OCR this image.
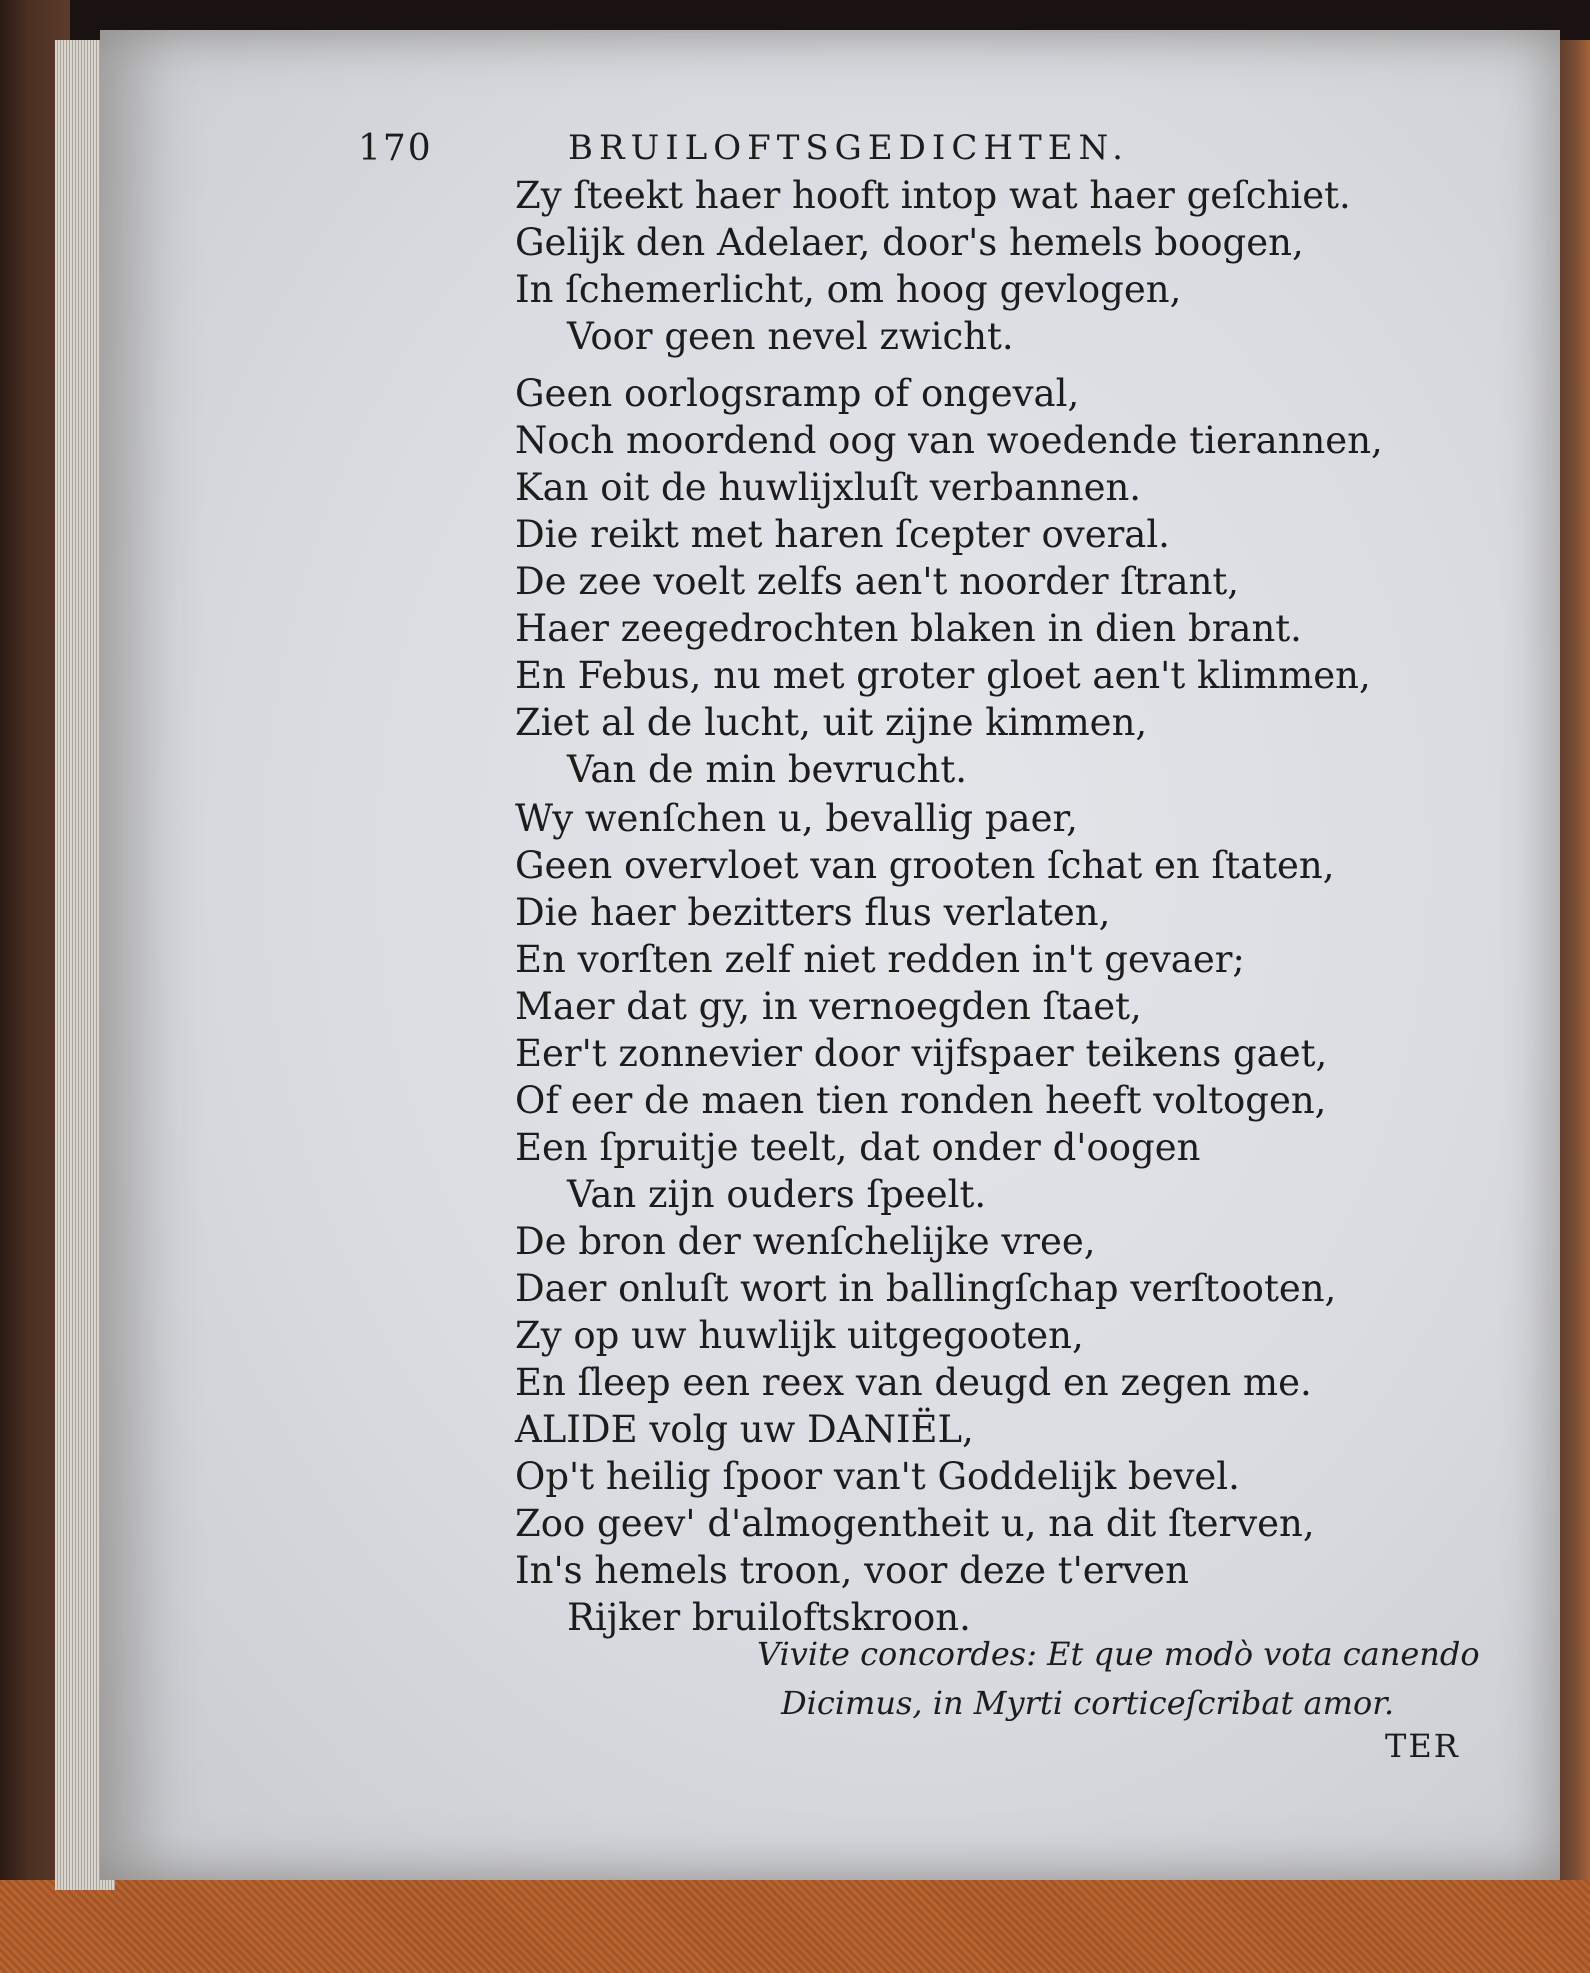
170	BRUILOFTSGEDICHTEN.
Zy ſteekt haer hooft intop wat haer geſchiet.
Gelijk den Adelaer, door's hemels boogen,
In ſchemerlicht, om hoog gevlogen,
Voor geen nevel zwicht.
Geen oorlogsramp of ongeval,
Noch moordend oog van woedende tierannen,
Kan oit de huwlijxluſt verbannen.
Die reikt met haren ſcepter overal.
De zee voelt zelfs aen't noorder ſtrant,
Haer zeegedrochten blaken in dien brant.
En Febus, nu met groter gloet aen't klimmen,
Ziet al de lucht, uit zijne kimmen,
Van de min bevrucht.
Wy wenſchen u, bevallig paer,
Geen overvloet van grooten ſchat en ſtaten,
Die haer bezitters flus verlaten,
En vorſten zelf niet redden in't gevaer;
Maer dat gy, in vernoegden ſtaet,
Eer't zonnevier door vijfspaer teikens gaet,
Of eer de maen tien ronden heeft voltogen,
Een ſpruitje teelt, dat onder d'oogen
Van zijn ouders ſpeelt.
De bron der wenſchelijke vree,
Daer onluſt wort in ballingſchap verſtooten,
Zy op uw huwlijk uitgegooten,
En ſleep een reex van deugd en zegen me.
ALIDE volg uw DANIËL,
Op't heilig ſpoor van't Goddelijk bevel.
Zoo geev' d'almogentheit u, na dit ſterven,
In's hemels troon, voor deze t'erven
Rijker bruiloftskroon.
Vivite concordes: Et que modò vota canendo
Dicimus, in Myrti corticeſcribat amor.
TER
